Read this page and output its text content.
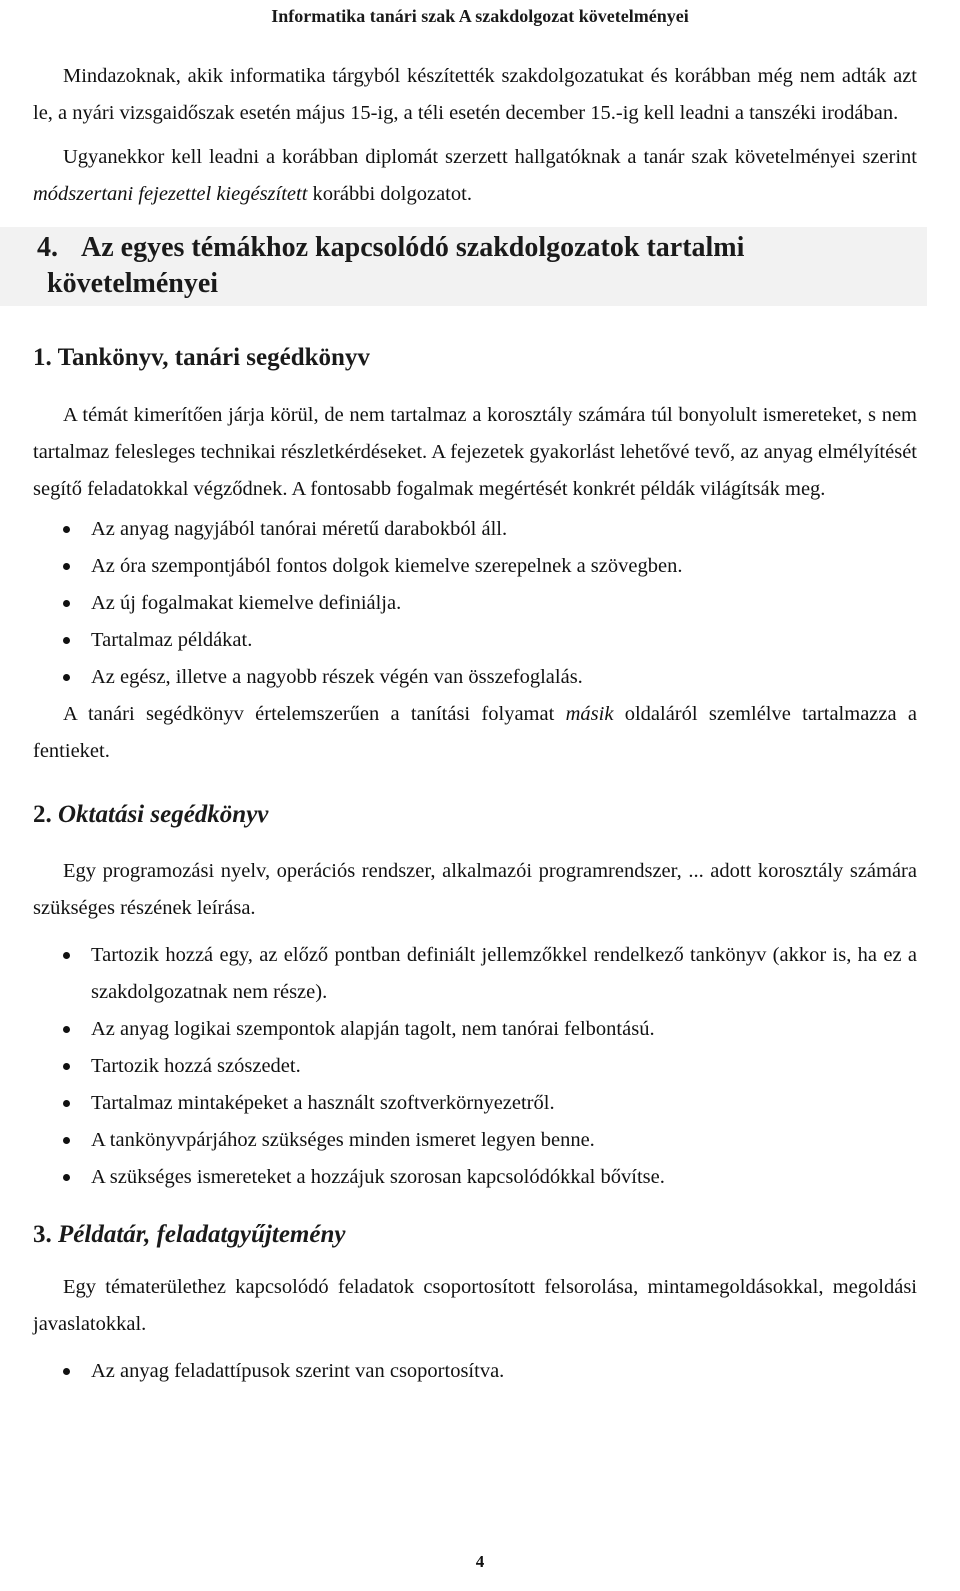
Informatika tanári szak A szakdolgozat követelményei

Mindazoknak, akik informatika tárgyból készítették szakdolgozatukat és korábban még nem adták azt le, a nyári vizsgaidőszak esetén május 15-ig, a téli esetén december 15.-ig kell leadni a tanszéki irodában.

Ugyanekkor kell leadni a korábban diplomát szerzett hallgatóknak a tanár szak követelményei szerint módszertani fejezettel kiegészített korábbi dolgozatot.

4. Az egyes témákhoz kapcsolódó szakdolgozatok tartalmi
követelményei
1. Tankönyv, tanári segédkönyv

A témát kimerítően járja körül, de nem tartalmaz a korosztály számára túl bonyolult ismereteket, s nem tartalmaz felesleges technikai részletkérdéseket. A fejezetek gyakorlást lehetővé tevő, az anyag elmélyítését segítő feladatokkal végződnek. A fontosabb fogalmak megértését konkrét példák világítsák meg.

Az anyag nagyjából tanórai méretű darabokból áll.
Az óra szempontjából fontos dolgok kiemelve szerepelnek a szövegben.
Az új fogalmakat kiemelve definiálja.
Tartalmaz példákat.
Az egész, illetve a nagyobb részek végén van összefoglalás.

A tanári segédkönyv értelemszerűen a tanítási folyamat másik oldaláról szemlélve tartalmazza a fentieket.

2. Oktatási segédkönyv

Egy programozási nyelv, operációs rendszer, alkalmazói programrendszer, ... adott korosztály számára szükséges részének leírása.

Tartozik hozzá egy, az előző pontban definiált jellemzőkkel rendelkező tankönyv (akkor is, ha ez a szakdolgozatnak nem része).
Az anyag logikai szempontok alapján tagolt, nem tanórai felbontású.
Tartozik hozzá szószedet.
Tartalmaz mintaképeket a használt szoftverkörnyezetről.
A tankönyvpárjához szükséges minden ismeret legyen benne.
A szükséges ismereteket a hozzájuk szorosan kapcsolódókkal bővítse.
3. Példatár, feladatgyűjtemény

Egy tématerülethez kapcsolódó feladatok csoportosított felsorolása, mintamegoldásokkal, megoldási javaslatokkal.

Az anyag feladattípusok szerint van csoportosítva.
4
